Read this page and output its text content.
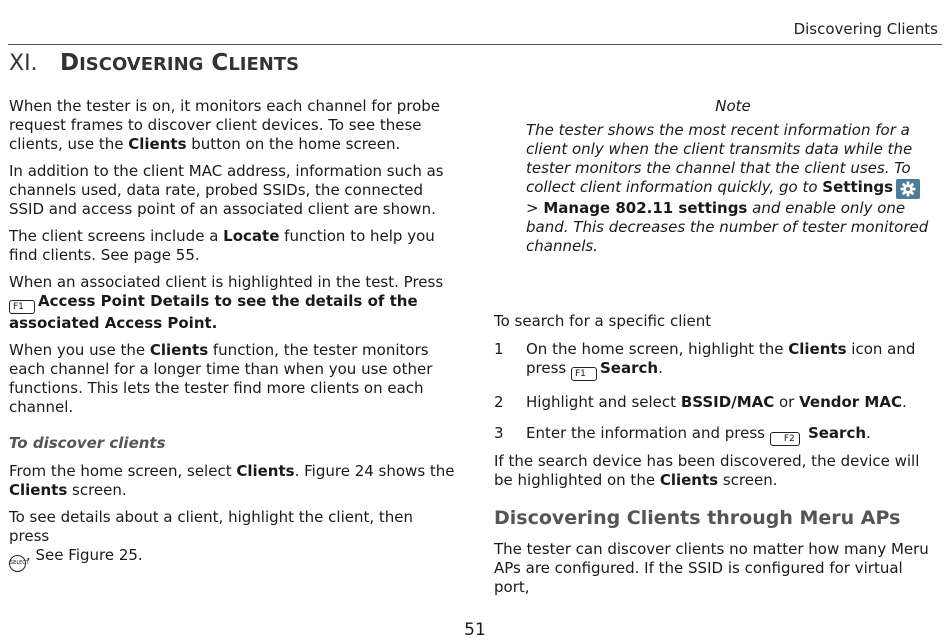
Discovering Clients
XI. DISCOVERING CLIENTS

When the tester is on, it monitors each channel for probe request frames to discover client devices. To see these clients, use the Clients button on the home screen.

In addition to the client MAC address, information such as channels used, data rate, probed SSIDs, the connected SSID and access point of an associated client are shown.

The client screens include a Locate function to help you find clients. See page 55.

When an associated client is highlighted in the test. Press
F1 Access Point Details to see the details of the associated Access Point.

When you use the Clients function, the tester monitors each channel for a longer time than when you use other functions. This lets the tester find more clients on each channel.

To discover clients

From the home screen, select Clients. Figure 24 shows the Clients screen.

To see details about a client, highlight the client, then press
SELECT. See Figure 25.

Note

The tester shows the most recent information for a client only when the client transmits data while the tester monitors the channel that the client uses. To collect client information quickly, go to Settings > Manage 802.11 settings and enable only one band. This decreases the number of tester monitored channels.

To search for a specific client
1	On the home screen, highlight the Clients icon and press F1 Search.
2	Highlight and select BSSID/MAC or Vendor MAC.
3	Enter the information and press F2 Search.
If the search device has been discovered, the device will be highlighted on the Clients screen.
Discovering Clients through Meru APs
The tester can discover clients no matter how many Meru APs are configured. If the SSID is configured for virtual port,
51
